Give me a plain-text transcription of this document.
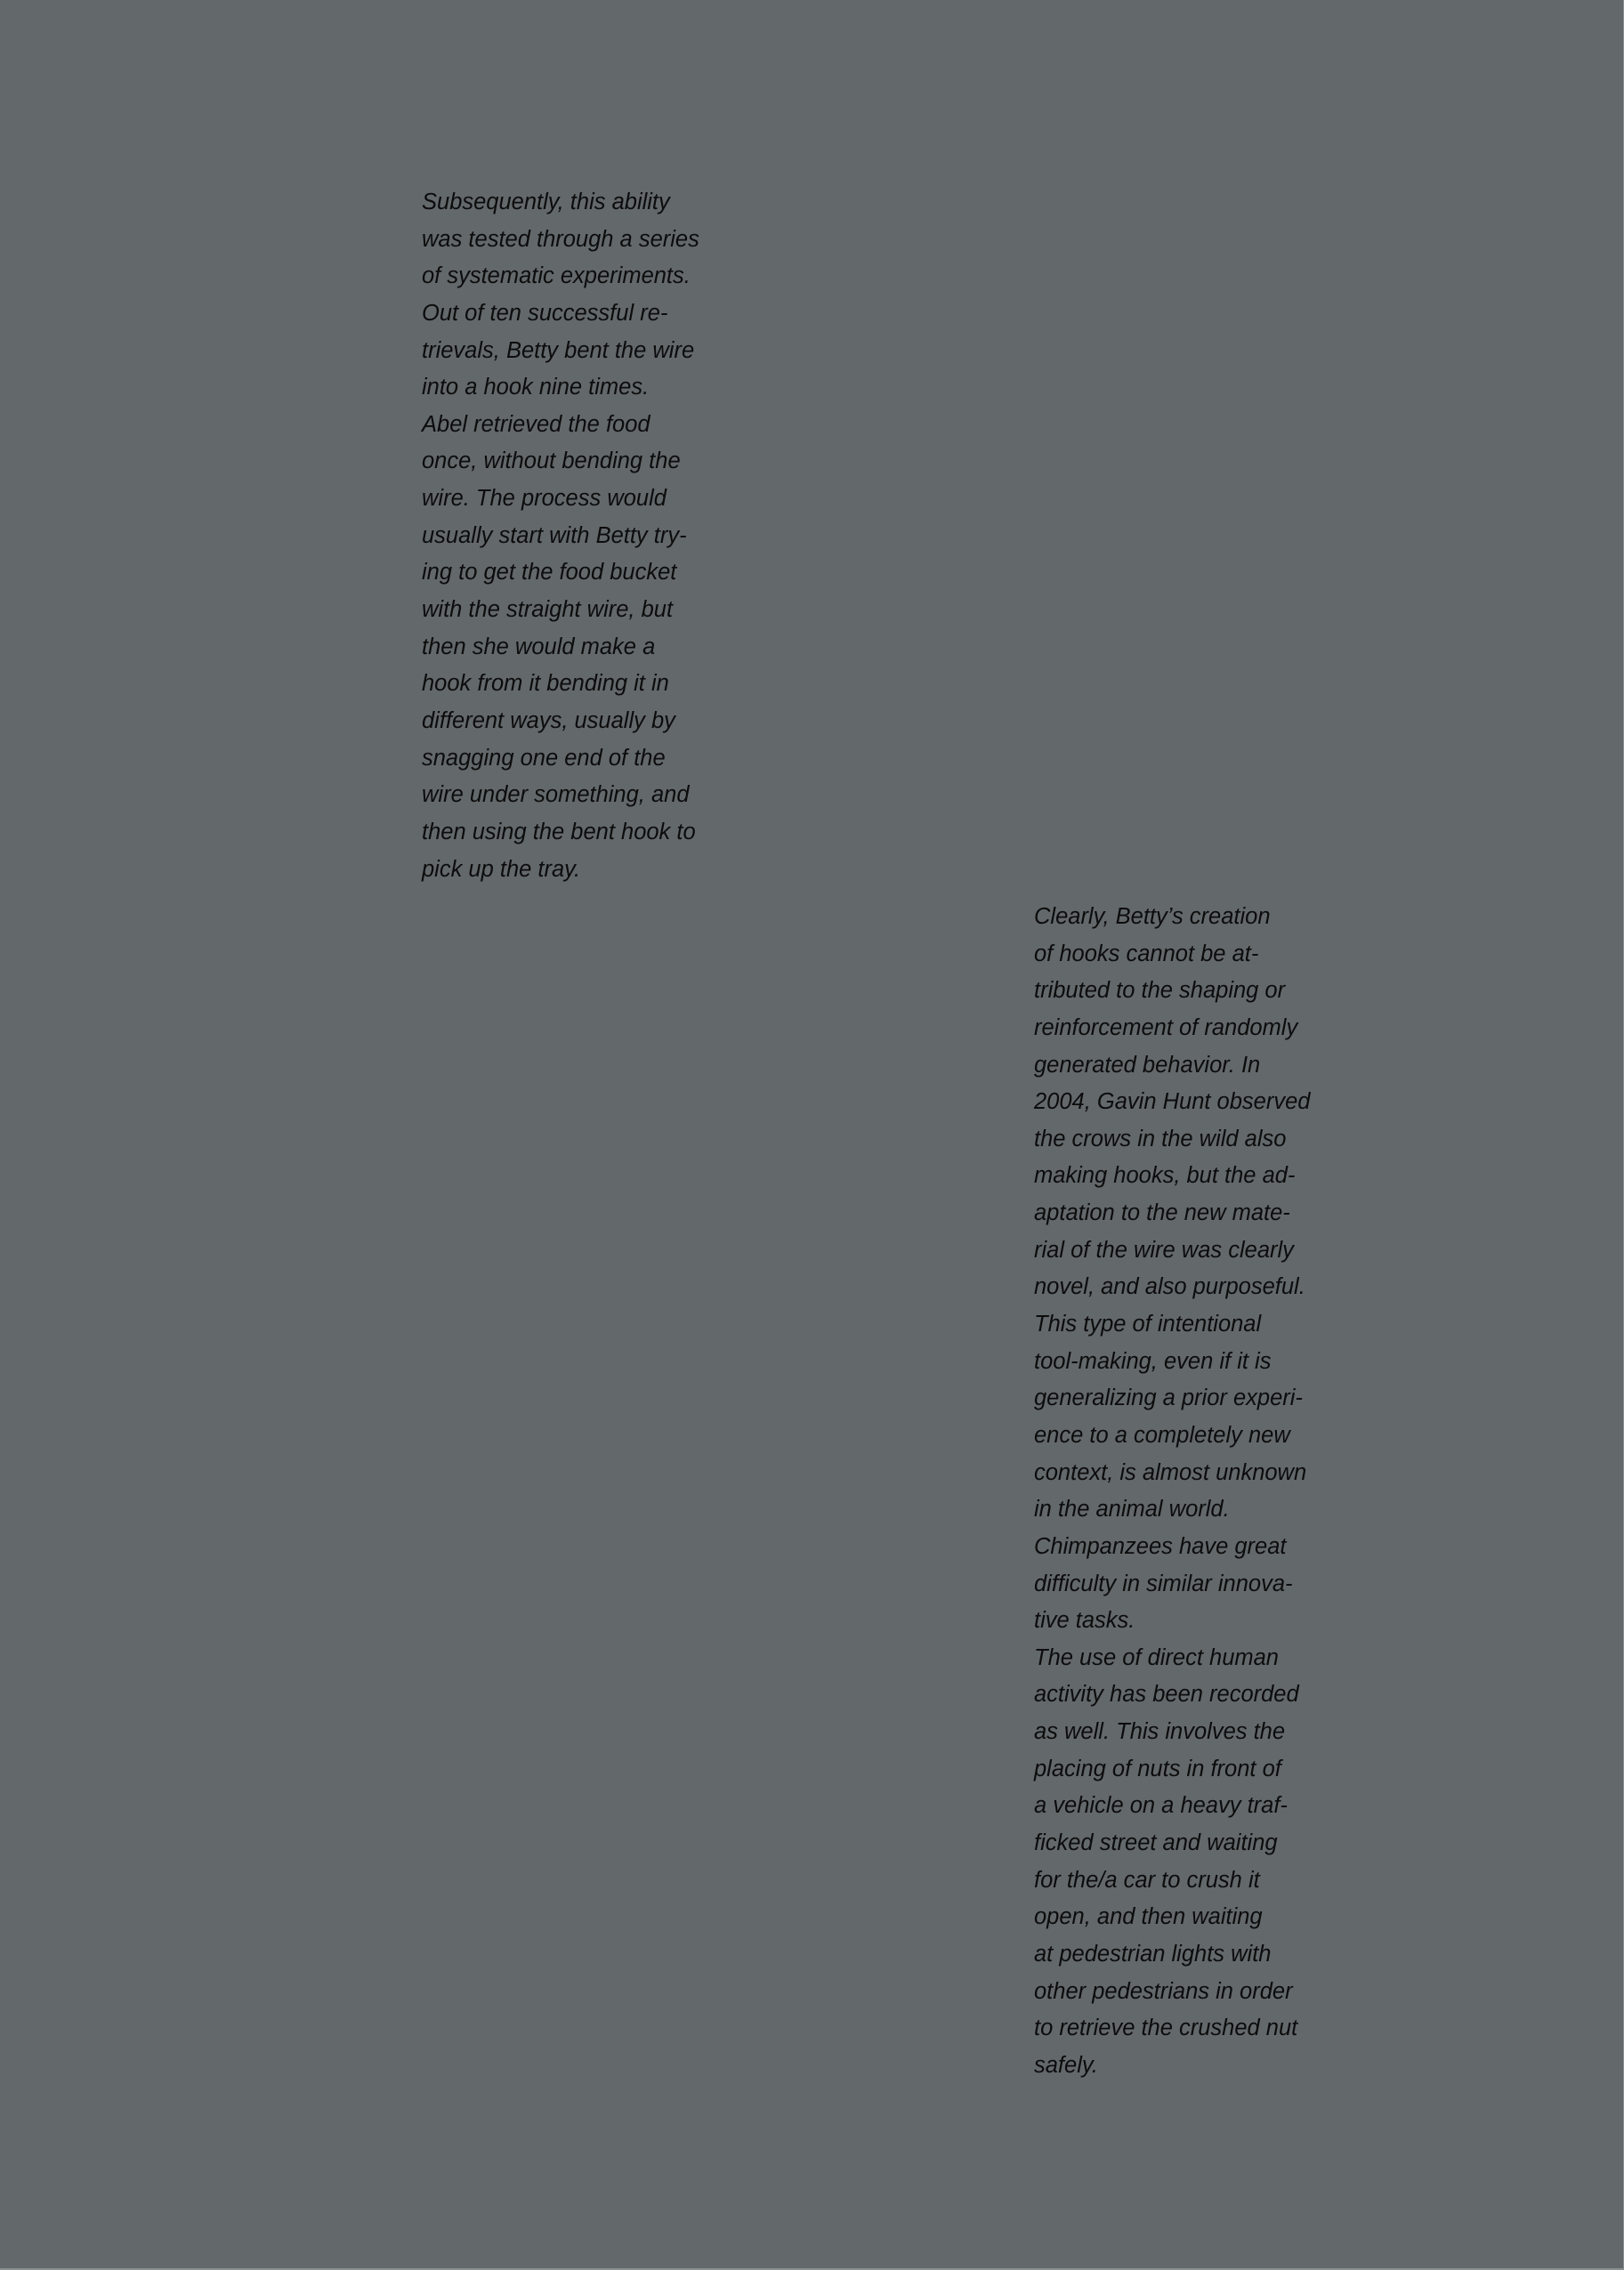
Subsequently, this ability
was tested through a series
of systematic experiments.
Out of ten successful re-
trievals, Betty bent the wire
into a hook nine times.
Abel retrieved the food
once, without bending the
wire. The process would
usually start with Betty try-
ing to get the food bucket
with the straight wire, but
then she would make a
hook from it bending it in
different ways, usually by
snagging one end of the
wire under something, and
then using the bent hook to
pick up the tray.
Clearly, Betty’s creation
of hooks cannot be at-
tributed to the shaping or
reinforcement of randomly
generated behavior. In
2004, Gavin Hunt observed
the crows in the wild also
making hooks, but the ad-
aptation to the new mate-
rial of the wire was clearly
novel, and also purposeful.
This type of intentional
tool-making, even if it is
generalizing a prior experi-
ence to a completely new
context, is almost unknown
in the animal world.
Chimpanzees have great
difficulty in similar innova-
tive tasks.
The use of direct human
activity has been recorded
as well. This involves the
placing of nuts in front of
a vehicle on a heavy traf-
ficked street and waiting
for the/a car to crush it
open, and then waiting
at pedestrian lights with
other pedestrians in order
to retrieve the crushed nut
safely.
